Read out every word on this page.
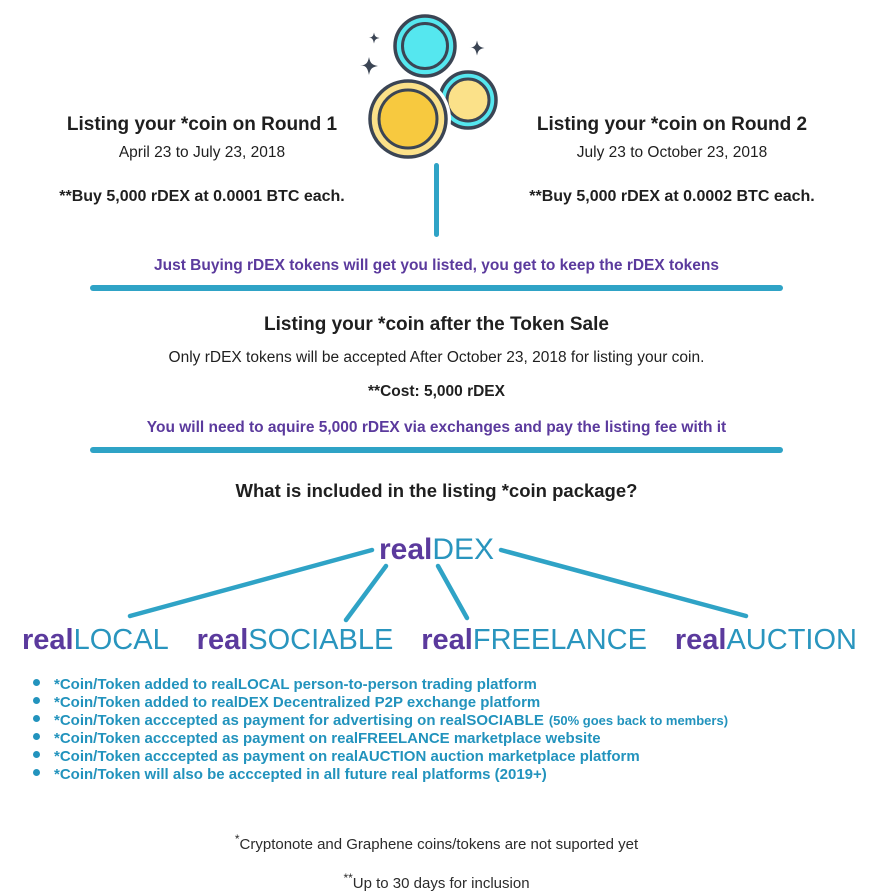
Listing your *coin on Round 1
April 23 to July 23, 2018
**Buy 5,000 rDEX at 0.0001 BTC each.
Listing your *coin on Round 2
July 23 to October 23, 2018
**Buy 5,000 rDEX at 0.0002 BTC each.
Just Buying rDEX tokens will get you listed, you get to keep the rDEX tokens
Listing your *coin after the Token Sale
Only rDEX tokens will be accepted After October 23, 2018 for listing your coin.
**Cost: 5,000 rDEX
You will need to aquire 5,000 rDEX via exchanges and pay the listing fee with it
What is included in the listing *coin package?
realDEX
realLOCAL realSOCIABLE realFREELANCE realAUCTION
*Coin/Token added to realLOCAL person-to-person trading platform
*Coin/Token added to realDEX Decentralized P2P exchange platform
*Coin/Token acccepted as payment for advertising on realSOCIABLE (50% goes back to members)
*Coin/Token acccepted as payment on realFREELANCE marketplace website
*Coin/Token acccepted as payment on realAUCTION auction marketplace platform
*Coin/Token will also be acccepted in all future real platforms (2019+)
*Cryptonote and Graphene coins/tokens are not suported yet
**Up to 30 days for inclusion
